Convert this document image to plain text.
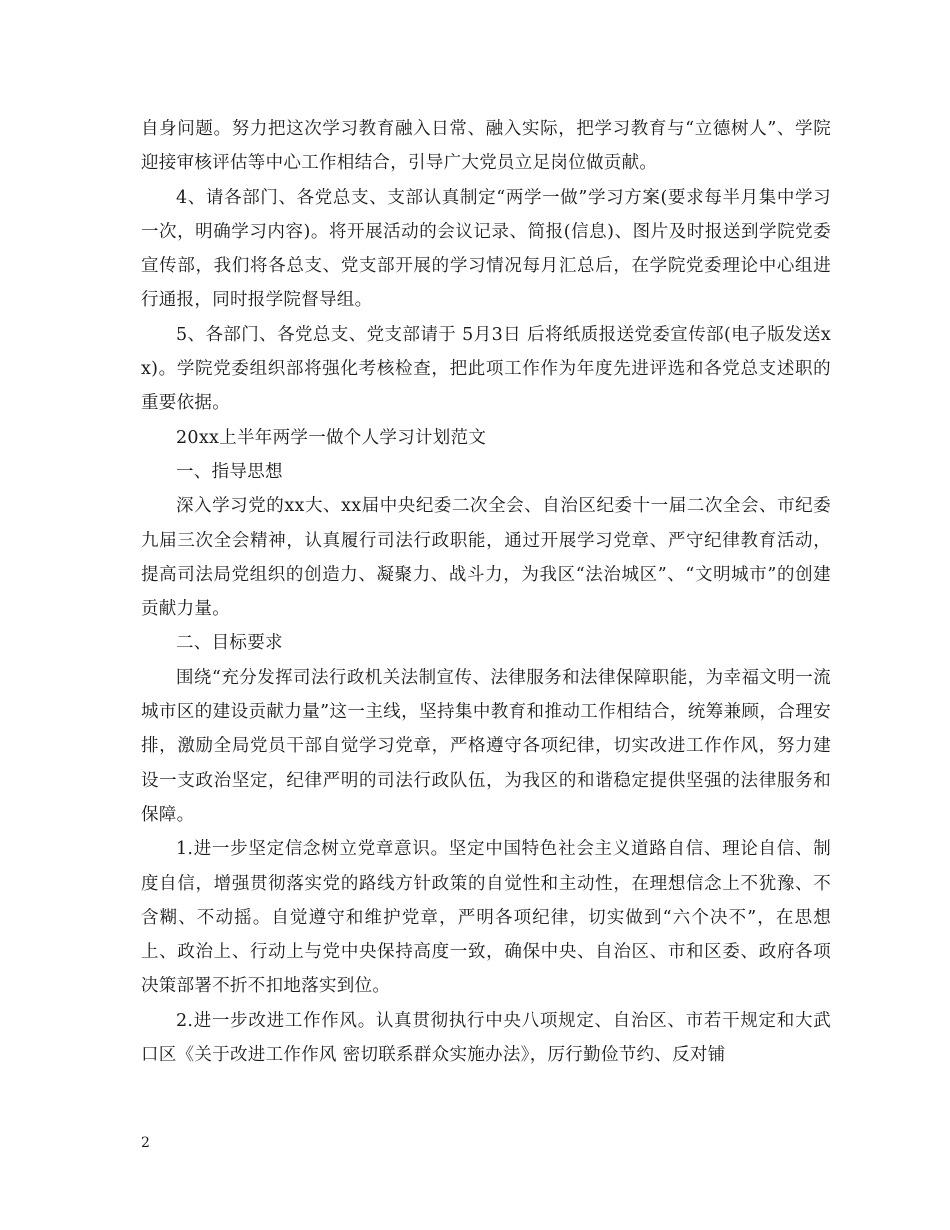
自身问题。努力把这次学习教育融入日常、融入实际，把学习教育与“立德树人”、学院迎接审核评估等中心工作相结合，引导广大党员立足岗位做贡献。

4、请各部门、各党总支、支部认真制定“两学一做”学习方案(要求每半月集中学习一次，明确学习内容)。将开展活动的会议记录、简报(信息)、图片及时报送到学院党委宣传部，我们将各总支、党支部开展的学习情况每月汇总后，在学院党委理论中心组进行通报，同时报学院督导组。

5、各部门、各党总支、党支部请于 5月3日 后将纸质报送党委宣传部(电子版发送xx)。学院党委组织部将强化考核检查，把此项工作作为年度先进评选和各党总支述职的重要依据。

20xx上半年两学一做个人学习计划范文

一、指导思想

深入学习党的xx大、xx届中央纪委二次全会、自治区纪委十一届二次全会、市纪委九届三次全会精神，认真履行司法行政职能，通过开展学习党章、严守纪律教育活动，提高司法局党组织的创造力、凝聚力、战斗力，为我区“法治城区”、“文明城市”的创建贡献力量。

二、目标要求

围绕“充分发挥司法行政机关法制宣传、法律服务和法律保障职能，为幸福文明一流城市区的建设贡献力量”这一主线，坚持集中教育和推动工作相结合，统筹兼顾，合理安排，激励全局党员干部自觉学习党章，严格遵守各项纪律，切实改进工作作风，努力建设一支政治坚定，纪律严明的司法行政队伍，为我区的和谐稳定提供坚强的法律服务和保障。

1.进一步坚定信念树立党章意识。坚定中国特色社会主义道路自信、理论自信、制度自信，增强贯彻落实党的路线方针政策的自觉性和主动性，在理想信念上不犹豫、不含糊、不动摇。自觉遵守和维护党章，严明各项纪律，切实做到“六个决不”，在思想上、政治上、行动上与党中央保持高度一致，确保中央、自治区、市和区委、政府各项决策部署不折不扣地落实到位。

2.进一步改进工作作风。认真贯彻执行中央八项规定、自治区、市若干规定和大武口区《关于改进工作作风 密切联系群众实施办法》，厉行勤俭节约、反对铺

2
